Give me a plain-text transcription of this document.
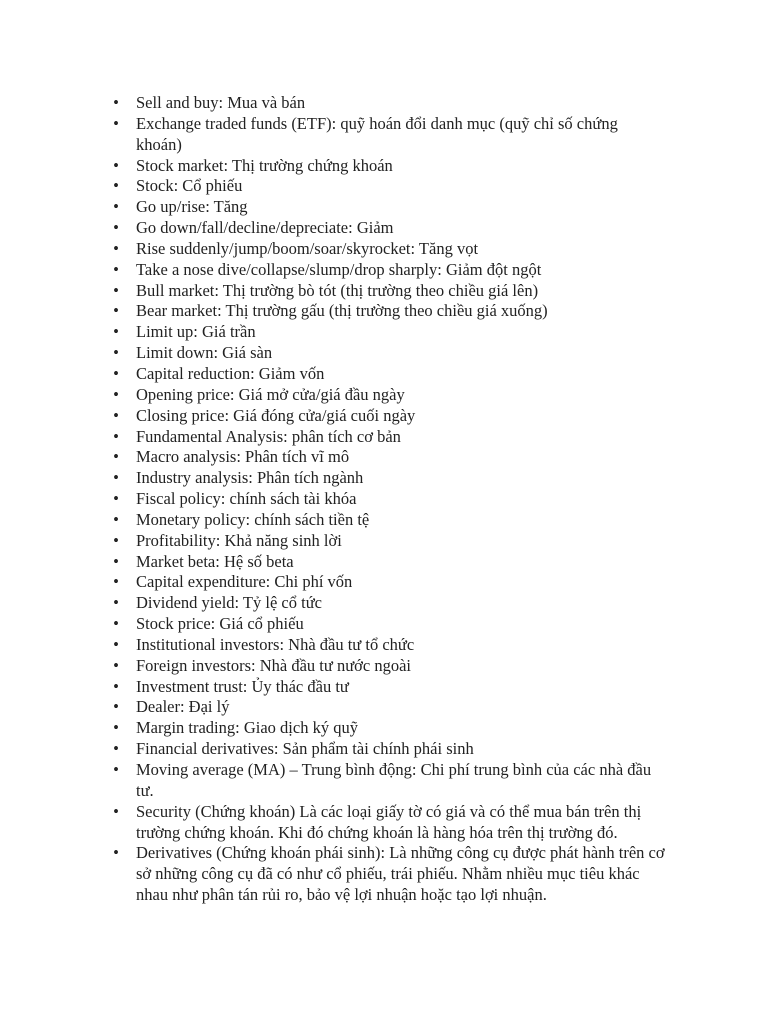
• Sell and buy: Mua và bán
• Exchange traded funds (ETF): quỹ hoán đổi danh mục (quỹ chỉ số chứng khoán)
• Stock market: Thị trường chứng khoán
• Stock: Cổ phiếu
• Go up/rise: Tăng
• Go down/fall/decline/depreciate: Giảm
• Rise suddenly/jump/boom/soar/skyrocket: Tăng vọt
• Take a nose dive/collapse/slump/drop sharply: Giảm đột ngột
• Bull market: Thị trường bò tót (thị trường theo chiều giá lên)
• Bear market: Thị trường gấu (thị trường theo chiều giá xuống)
• Limit up: Giá trần
• Limit down: Giá sàn
• Capital reduction: Giảm vốn
• Opening price: Giá mở cửa/giá đầu ngày
• Closing price: Giá đóng cửa/giá cuối ngày
• Fundamental Analysis: phân tích cơ bản
• Macro analysis: Phân tích vĩ mô
• Industry analysis: Phân tích ngành
• Fiscal policy: chính sách tài khóa
• Monetary policy: chính sách tiền tệ
• Profitability: Khả năng sinh lời
• Market beta: Hệ số beta
• Capital expenditure: Chi phí vốn
• Dividend yield: Tỷ lệ cổ tức
• Stock price: Giá cổ phiếu
• Institutional investors: Nhà đầu tư tổ chức
• Foreign investors: Nhà đầu tư nước ngoài
• Investment trust: Ủy thác đầu tư
• Dealer: Đại lý
• Margin trading: Giao dịch ký quỹ
• Financial derivatives: Sản phẩm tài chính phái sinh
• Moving average (MA) – Trung bình động: Chi phí trung bình của các nhà đầu tư.
• Security (Chứng khoán) Là các loại giấy tờ có giá và có thể mua bán trên thị trường chứng khoán. Khi đó chứng khoán là hàng hóa trên thị trường đó.
• Derivatives (Chứng khoán phái sinh): Là những công cụ được phát hành trên cơ sở những công cụ đã có như cổ phiếu, trái phiếu. Nhằm nhiều mục tiêu khác nhau như phân tán rủi ro, bảo vệ lợi nhuận hoặc tạo lợi nhuận.
